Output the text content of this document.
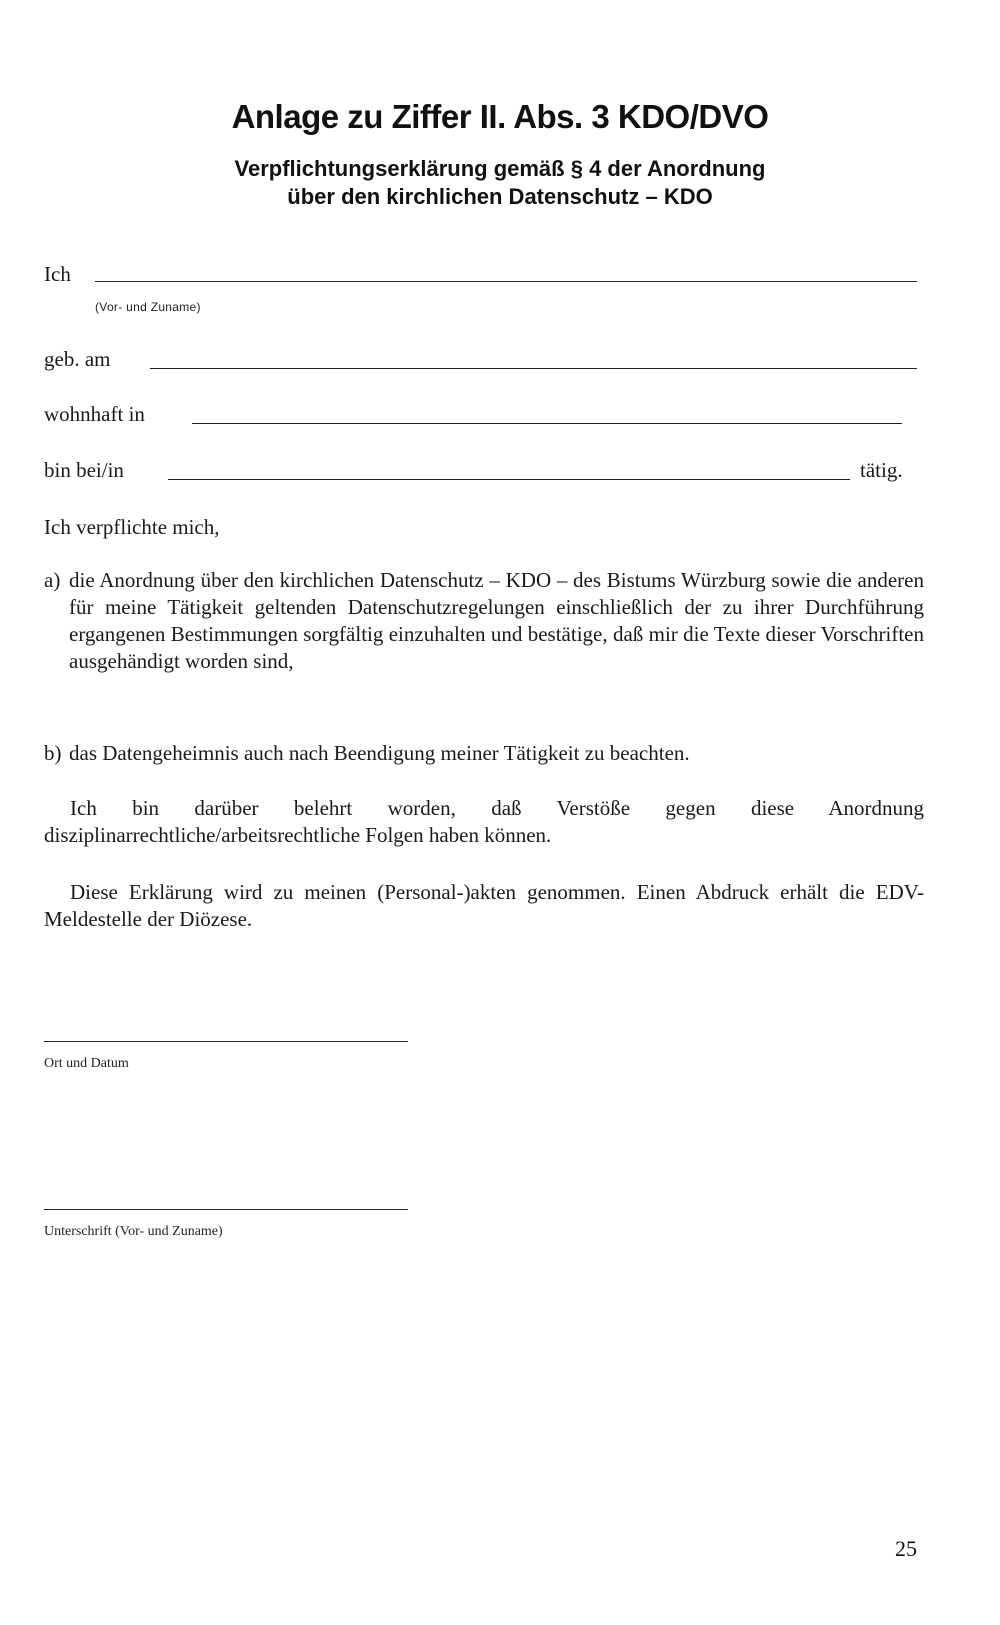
Anlage zu Ziffer II. Abs. 3 KDO/DVO
Verpflichtungserklärung gemäß § 4 der Anordnung
über den kirchlichen Datenschutz – KDO
Ich
(Vor- und Zuname)
geb. am
wohnhaft in
bin bei/in	tätig.
Ich verpflichte mich,
a) die Anordnung über den kirchlichen Datenschutz – KDO – des Bistums Würzburg sowie die anderen für meine Tätigkeit geltenden Datenschutzregelungen einschließlich der zu ihrer Durchführung ergangenen Bestimmungen sorgfältig einzuhalten und bestätige, daß mir die Texte dieser Vorschriften ausgehändigt worden sind,
b) das Datengeheimnis auch nach Beendigung meiner Tätigkeit zu beachten.
Ich bin darüber belehrt worden, daß Verstöße gegen diese Anordnung disziplinarrechtliche/arbeitsrechtliche Folgen haben können.
Diese Erklärung wird zu meinen (Personal-)akten genommen. Einen Abdruck erhält die EDV-Meldestelle der Diözese.
Ort und Datum
Unterschrift (Vor- und Zuname)
25
